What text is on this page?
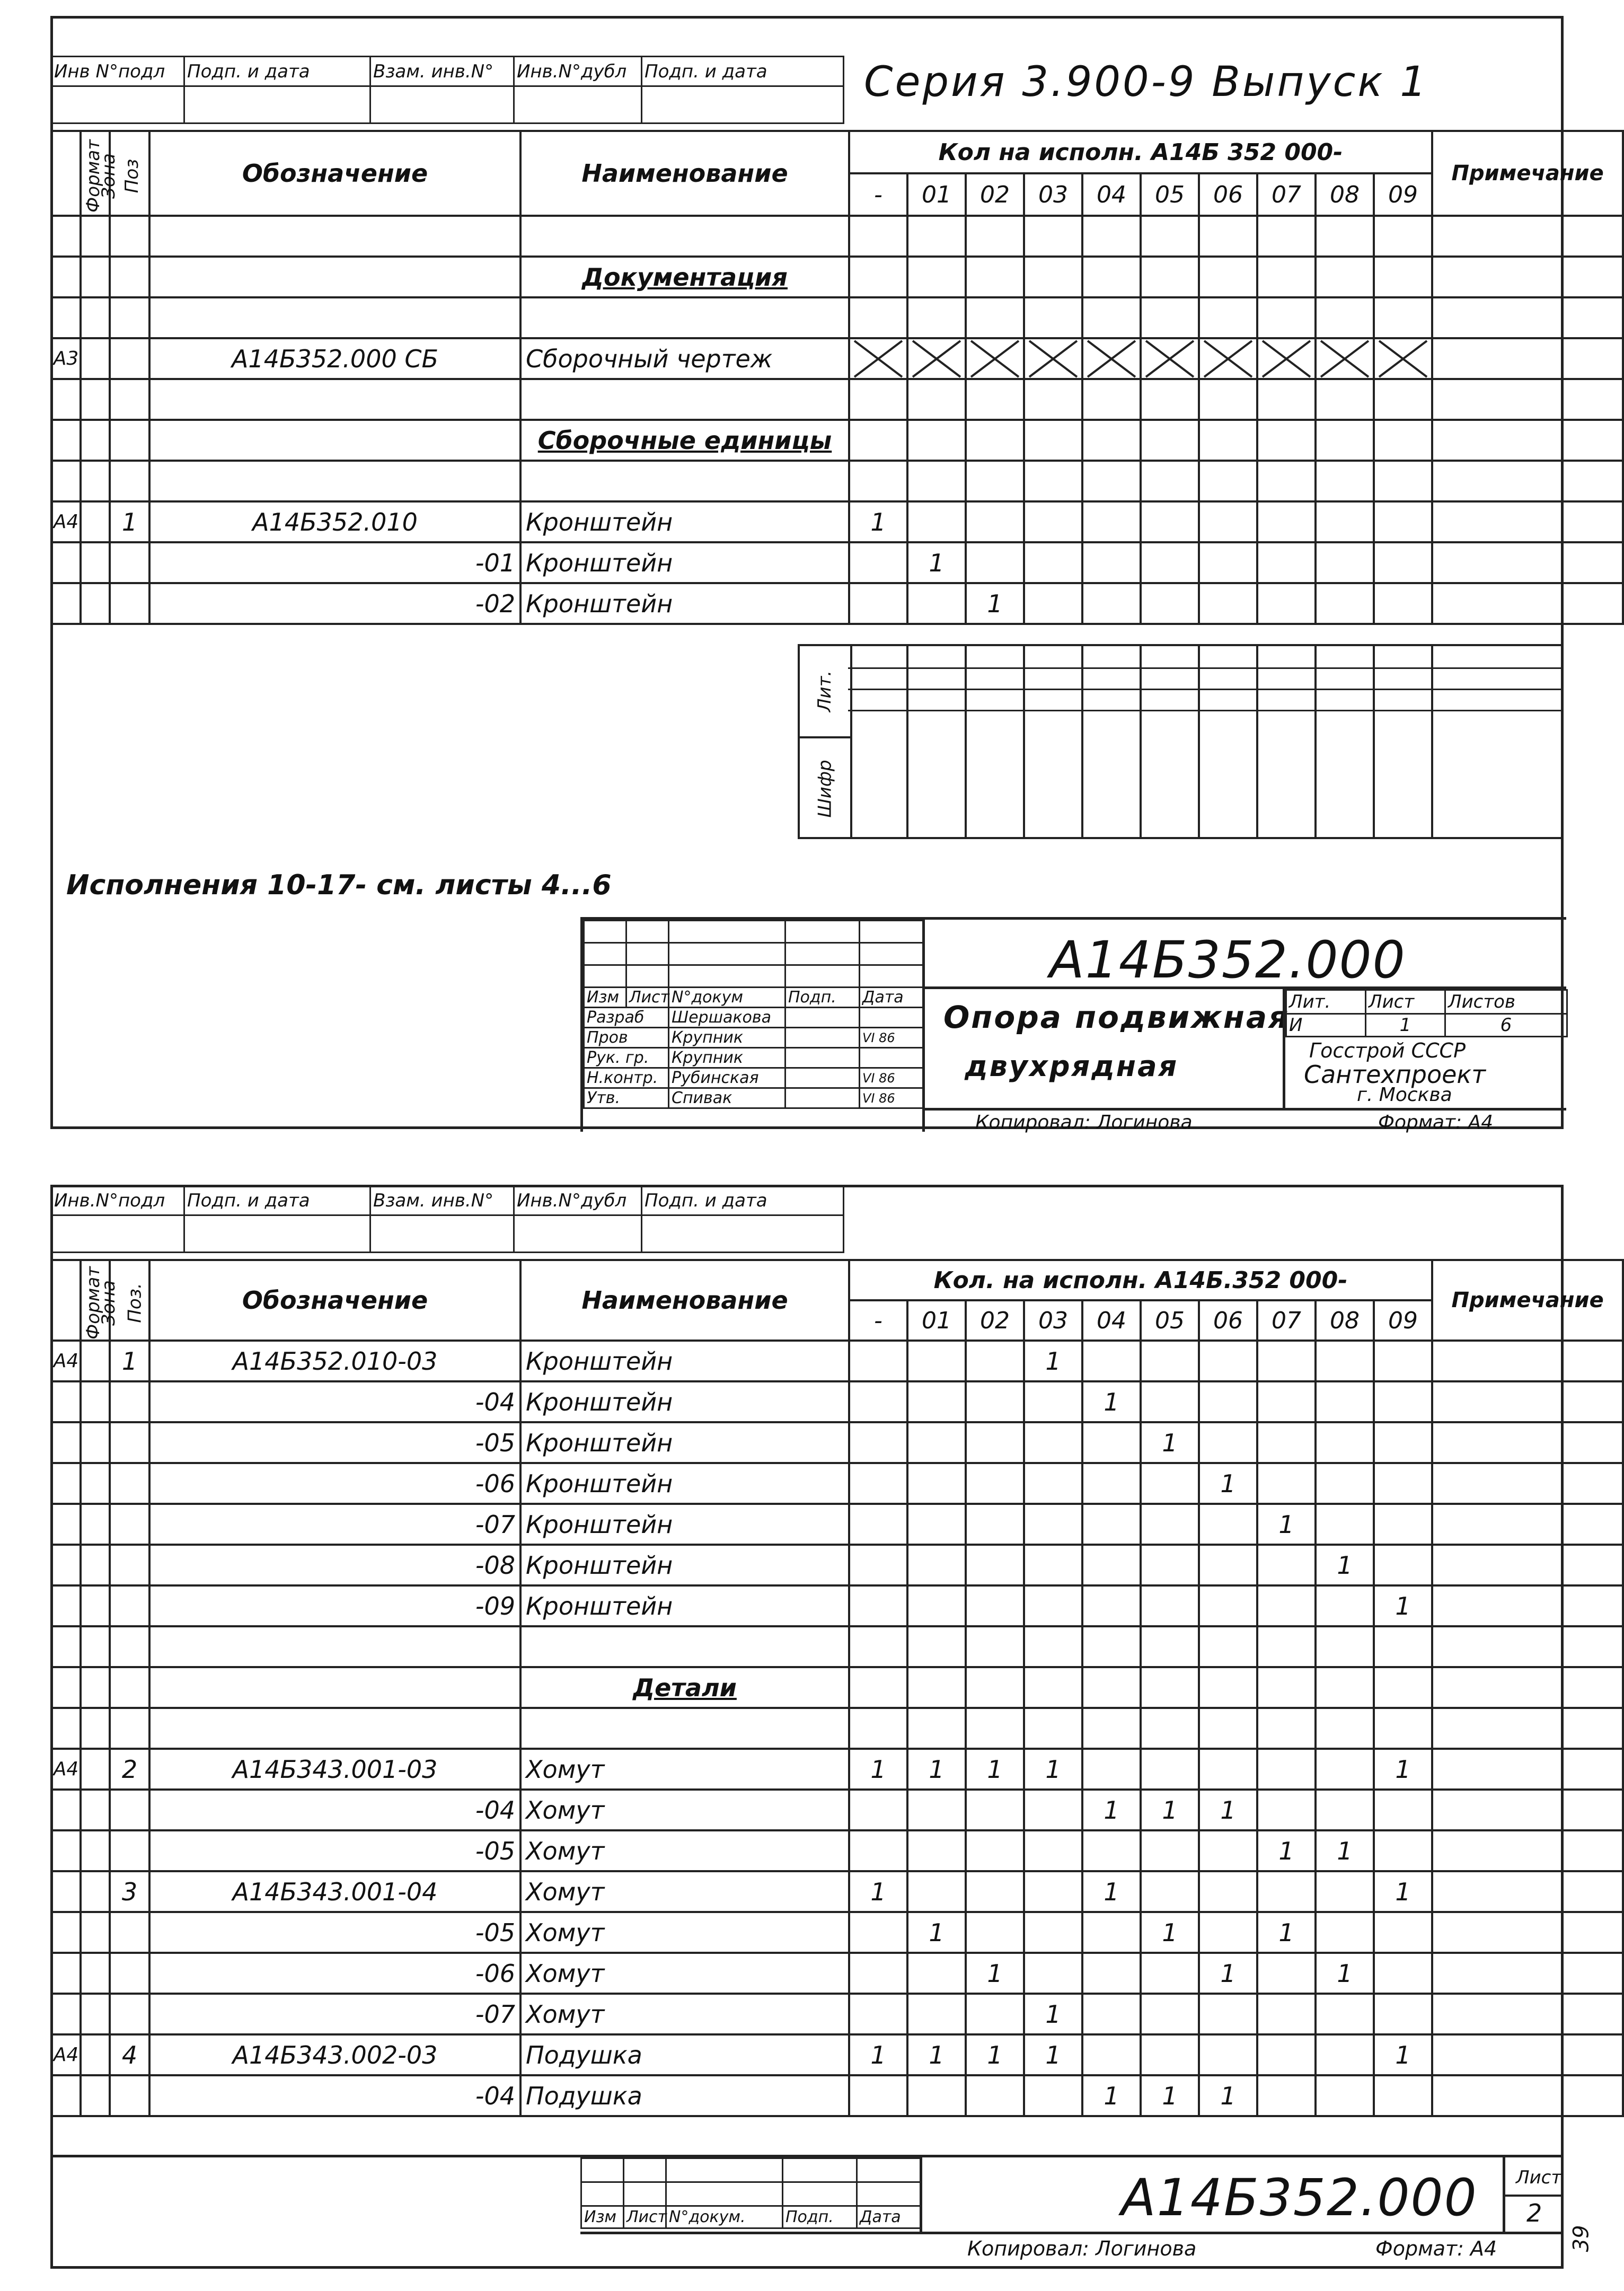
Инв N°подл	Подп. и дата	Взам. инв.N°	Инв.N°дубл	Подп. и дата
				Серия 3.900-9 Выпуск 1
Формат	Зона	Поз	Обозначение	Наименование	Кол на исполн. А14Б 352 000-										Примечание
					-	01	02	03	04	05	06	07	08	09	

				Документация											

А3			А14Б352.000 СБ	Сборочный чертеж	

				Сборочные единицы											

А4		1	А14Б352.010	Кронштейн	1										
			-01	Кронштейн		1									
			-02	Кронштейн			1								
Лит.
Шифр
Исполнения 10-17- см. листы 4...6

Изм	Лист	N°докум	Подп.	Дата
Разраб		Шершакова		
Пров		Крупник		VI 86
Рук. гр.		Крупник		
Н.контр.		Рубинская		VI 86
Утв.		Спивак		VI 86
А14Б352.000
Опора подвижная
двухрядная
Лит.	Лист	Листов
И	1	6
Госстрой СССР
Сантехпроект
г. Москва
Копировал: Логинова	Формат: А4
Инв.N°подл	Подп. и дата	Взам. инв.N°	Инв.N°дубл	Подп. и дата

Формат	Зона	Поз.	Обозначение	Наименование	Кол. на исполн. А14Б.352 000-										Примечание
					-	01	02	03	04	05	06	07	08	09	
А4		1	А14Б352.010-03	Кронштейн				1							
			-04	Кронштейн					1						
			-05	Кронштейн						1					
			-06	Кронштейн							1				
			-07	Кронштейн								1			
			-08	Кронштейн									1		
			-09	Кронштейн										1	

				Детали											

А4		2	А14Б343.001-03	Хомут	1	1	1	1						1	
			-04	Хомут					1	1	1				
			-05	Хомут								1	1		
		3	А14Б343.001-04	Хомут	1				1					1	
			-05	Хомут		1				1		1			
			-06	Хомут			1				1		1		
			-07	Хомут				1							
А4		4	А14Б343.002-03	Подушка	1	1	1	1						1	
			-04	Подушка					1	1	1				

Изм	Лист	N°докум.	Подп.	Дата	А14Б352.000 Лист
2
Копировал: Логинова	Формат: А4	39
